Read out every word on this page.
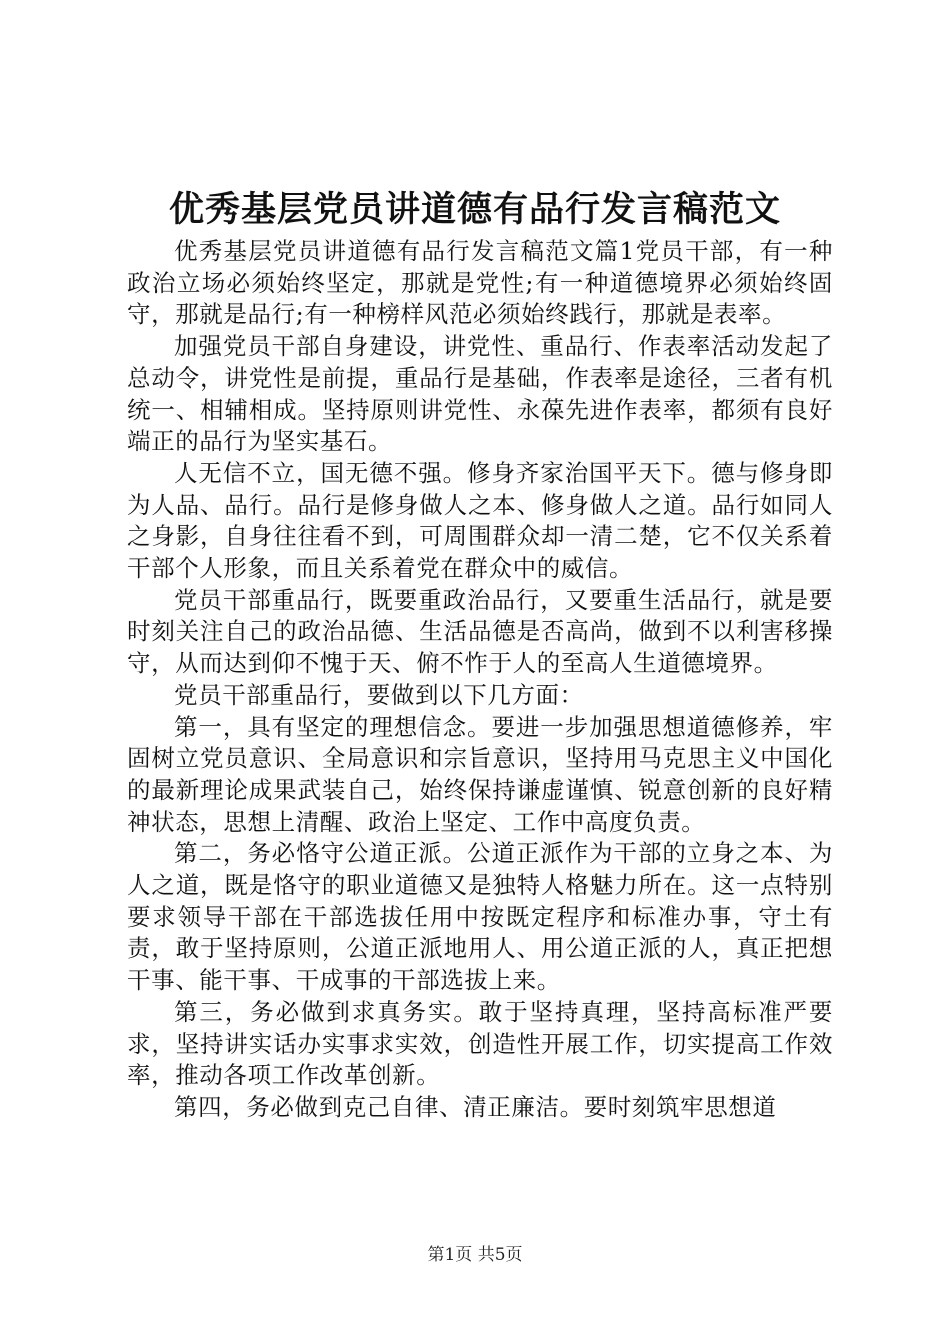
优秀基层党员讲道德有品行发言稿范文

优秀基层党员讲道德有品行发言稿范文篇1党员干部，有一种政治立场必须始终坚定，那就是党性;有一种道德境界必须始终固守，那就是品行;有一种榜样风范必须始终践行，那就是表率。

加强党员干部自身建设，讲党性、重品行、作表率活动发起了总动令，讲党性是前提，重品行是基础，作表率是途径，三者有机统一、相辅相成。坚持原则讲党性、永葆先进作表率，都须有良好端正的品行为坚实基石。

人无信不立，国无德不强。修身齐家治国平天下。德与修身即为人品、品行。品行是修身做人之本、修身做人之道。品行如同人之身影，自身往往看不到，可周围群众却一清二楚，它不仅关系着干部个人形象，而且关系着党在群众中的威信。

党员干部重品行，既要重政治品行，又要重生活品行，就是要时刻关注自己的政治品德、生活品德是否高尚，做到不以利害移操守，从而达到仰不愧于天、俯不怍于人的至高人生道德境界。

党员干部重品行，要做到以下几方面：

第一，具有坚定的理想信念。要进一步加强思想道德修养，牢固树立党员意识、全局意识和宗旨意识，坚持用马克思主义中国化的最新理论成果武装自己，始终保持谦虚谨慎、锐意创新的良好精神状态，思想上清醒、政治上坚定、工作中高度负责。

第二，务必恪守公道正派。公道正派作为干部的立身之本、为人之道，既是恪守的职业道德又是独特人格魅力所在。这一点特别要求领导干部在干部选拔任用中按既定程序和标准办事，守土有责，敢于坚持原则，公道正派地用人、用公道正派的人，真正把想干事、能干事、干成事的干部选拔上来。

第三，务必做到求真务实。敢于坚持真理，坚持高标准严要求，坚持讲实话办实事求实效，创造性开展工作，切实提高工作效率，推动各项工作改革创新。

第四，务必做到克己自律、清正廉洁。要时刻筑牢思想道

第1页 共5页
